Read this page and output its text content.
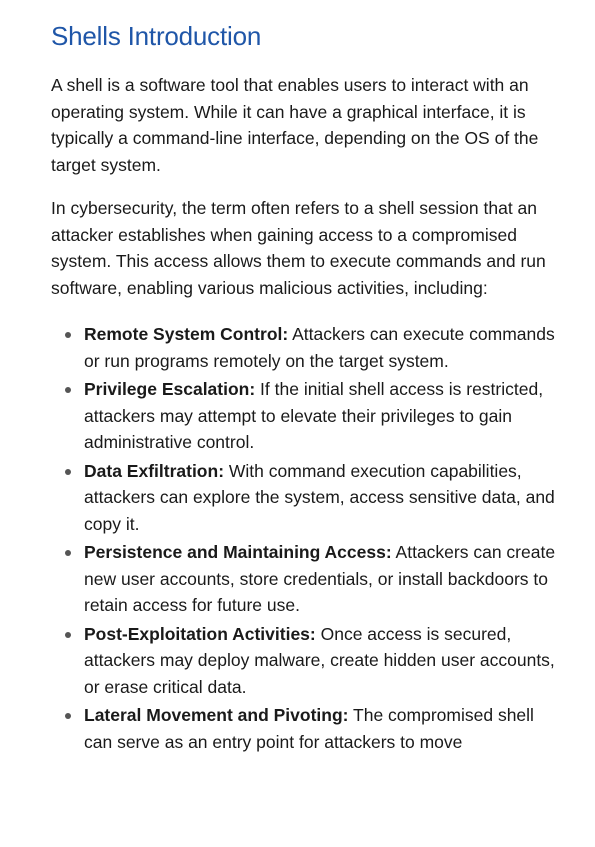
Shells Introduction

A shell is a software tool that enables users to interact with an operating system. While it can have a graphical interface, it is typically a command-line interface, depending on the OS of the target system.

In cybersecurity, the term often refers to a shell session that an attacker establishes when gaining access to a compromised system. This access allows them to execute commands and run software, enabling various malicious activities, including:

Remote System Control: Attackers can execute commands or run programs remotely on the target system.
Privilege Escalation: If the initial shell access is restricted, attackers may attempt to elevate their privileges to gain administrative control.
Data Exfiltration: With command execution capabilities, attackers can explore the system, access sensitive data, and copy it.
Persistence and Maintaining Access: Attackers can create new user accounts, store credentials, or install backdoors to retain access for future use.
Post-Exploitation Activities: Once access is secured, attackers may deploy malware, create hidden user accounts, or erase critical data.
Lateral Movement and Pivoting: The compromised shell can serve as an entry point for attackers to move
